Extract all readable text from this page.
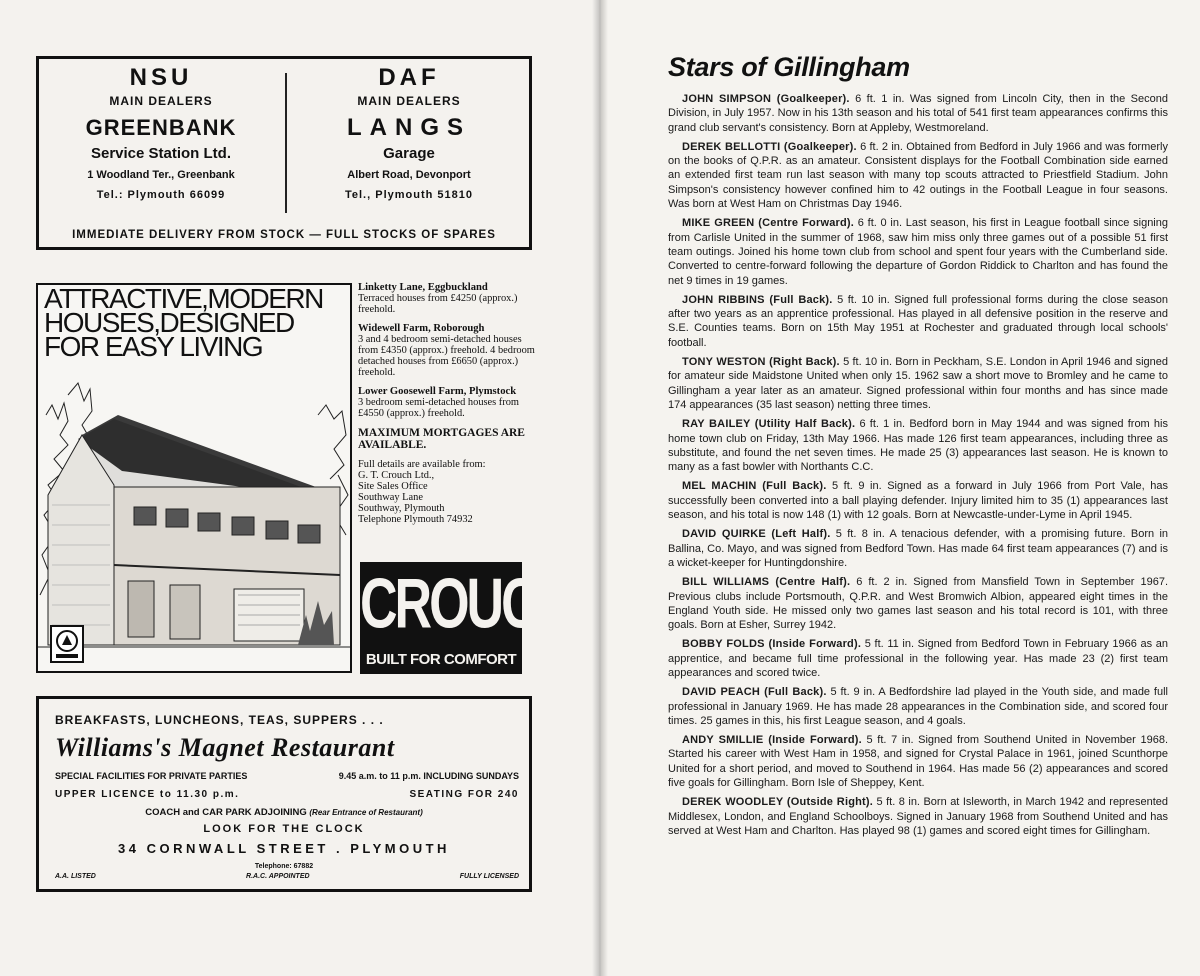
NSU
MAIN DEALERS
GREENBANK
Service Station Ltd.
1 Woodland Ter., Greenbank
Tel.: Plymouth 66099
DAF
MAIN DEALERS
LANGS
Garage
Albert Road, Devonport
Tel., Plymouth 51810
IMMEDIATE DELIVERY FROM STOCK — FULL STOCKS OF SPARES
ATTRACTIVE,MODERN HOUSES,DESIGNED FOR EASY LIVING

Linketty Lane, Eggbuckland
Terraced houses from £4250 (approx.) freehold.

Widewell Farm, Roborough
3 and 4 bedroom semi-detached houses from £4350 (approx.) freehold. 4 bedroom detached houses from £6650 (approx.) freehold.

Lower Goosewell Farm, Plymstock
3 bedroom semi-detached houses from £4550 (approx.) freehold.

MAXIMUM MORTGAGES ARE AVAILABLE.

Full details are available from:
G. T. Crouch Ltd.,
Site Sales Office
Southway Lane
Southway, Plymouth
Telephone Plymouth 74932
CROUCH
BUILT FOR COMFORT
BREAKFASTS, LUNCHEONS, TEAS, SUPPERS . . .
Williams's Magnet Restaurant
SPECIAL FACILITIES FOR PRIVATE PARTIES	9.45 a.m. to 11 p.m. INCLUDING SUNDAYS
UPPER LICENCE to 11.30 p.m.	SEATING FOR 240
COACH and CAR PARK ADJOINING (Rear Entrance of Restaurant)
LOOK FOR THE CLOCK
34 CORNWALL STREET . PLYMOUTH
Telephone: 67882
A.A. LISTED	R.A.C. APPOINTED	FULLY LICENSED
Stars of Gillingham

JOHN SIMPSON (Goalkeeper). 6 ft. 1 in. Was signed from Lincoln City, then in the Second Division, in July 1957. Now in his 13th season and his total of 541 first team appearances confirms this grand club servant's consistency. Born at Appleby, Westmoreland.

DEREK BELLOTTI (Goalkeeper). 6 ft. 2 in. Obtained from Bedford in July 1966 and was formerly on the books of Q.P.R. as an amateur. Consistent displays for the Football Combination side earned an extended first team run last season with many top scouts attracted to Priestfield Stadium. John Simpson's consistency however confined him to 42 outings in the Football League in four seasons. Was born at West Ham on Christmas Day 1946.

MIKE GREEN (Centre Forward). 6 ft. 0 in. Last season, his first in League football since signing from Carlisle United in the summer of 1968, saw him miss only three games out of a possible 51 first team outings. Joined his home town club from school and spent four years with the Cumberland side. Converted to centre-forward following the departure of Gordon Riddick to Charlton and has found the net 9 times in 19 games.

JOHN RIBBINS (Full Back). 5 ft. 10 in. Signed full professional forms during the close season after two years as an apprentice professional. Has played in all defensive position in the reserve and S.E. Counties teams. Born on 15th May 1951 at Rochester and graduated through local schools' football.

TONY WESTON (Right Back). 5 ft. 10 in. Born in Peckham, S.E. London in April 1946 and signed for amateur side Maidstone United when only 15. 1962 saw a short move to Bromley and he came to Gillingham a year later as an amateur. Signed professional within four months and has since made 174 appearances (35 last season) netting three times.

RAY BAILEY (Utility Half Back). 6 ft. 1 in. Bedford born in May 1944 and was signed from his home town club on Friday, 13th May 1966. Has made 126 first team appearances, including three as substitute, and found the net seven times. He made 25 (3) appearances last season. He is known to many as a fast bowler with Northants C.C.

MEL MACHIN (Full Back). 5 ft. 9 in. Signed as a forward in July 1966 from Port Vale, has successfully been converted into a ball playing defender. Injury limited him to 35 (1) appearances last season, and his total is now 148 (1) with 12 goals. Born at Newcastle-under-Lyme in April 1945.

DAVID QUIRKE (Left Half). 5 ft. 8 in. A tenacious defender, with a promising future. Born in Ballina, Co. Mayo, and was signed from Bedford Town. Has made 64 first team appearances (7) and is a wicket-keeper for Huntingdonshire.

BILL WILLIAMS (Centre Half). 6 ft. 2 in. Signed from Mansfield Town in September 1967. Previous clubs include Portsmouth, Q.P.R. and West Bromwich Albion, appeared eight times in the England Youth side. He missed only two games last season and his total record is 101, with three goals. Born at Esher, Surrey 1942.

BOBBY FOLDS (Inside Forward). 5 ft. 11 in. Signed from Bedford Town in February 1966 as an apprentice, and became full time professional in the following year. Has made 23 (2) first team appearances and scored twice.

DAVID PEACH (Full Back). 5 ft. 9 in. A Bedfordshire lad played in the Youth side, and made full professional in January 1969. He has made 28 appearances in the Combination side, and scored four times. 25 games in this, his first League season, and 4 goals.

ANDY SMILLIE (Inside Forward). 5 ft. 7 in. Signed from Southend United in November 1968. Started his career with West Ham in 1958, and signed for Crystal Palace in 1961, joined Scunthorpe United for a short period, and moved to Southend in 1964. Has made 56 (2) appearances and scored five goals for Gillingham. Born Isle of Sheppey, Kent.

DEREK WOODLEY (Outside Right). 5 ft. 8 in. Born at Isleworth, in March 1942 and represented Middlesex, London, and England Schoolboys. Signed in January 1968 from Southend United and has served at West Ham and Charlton. Has played 98 (1) games and scored eight times for Gillingham.
